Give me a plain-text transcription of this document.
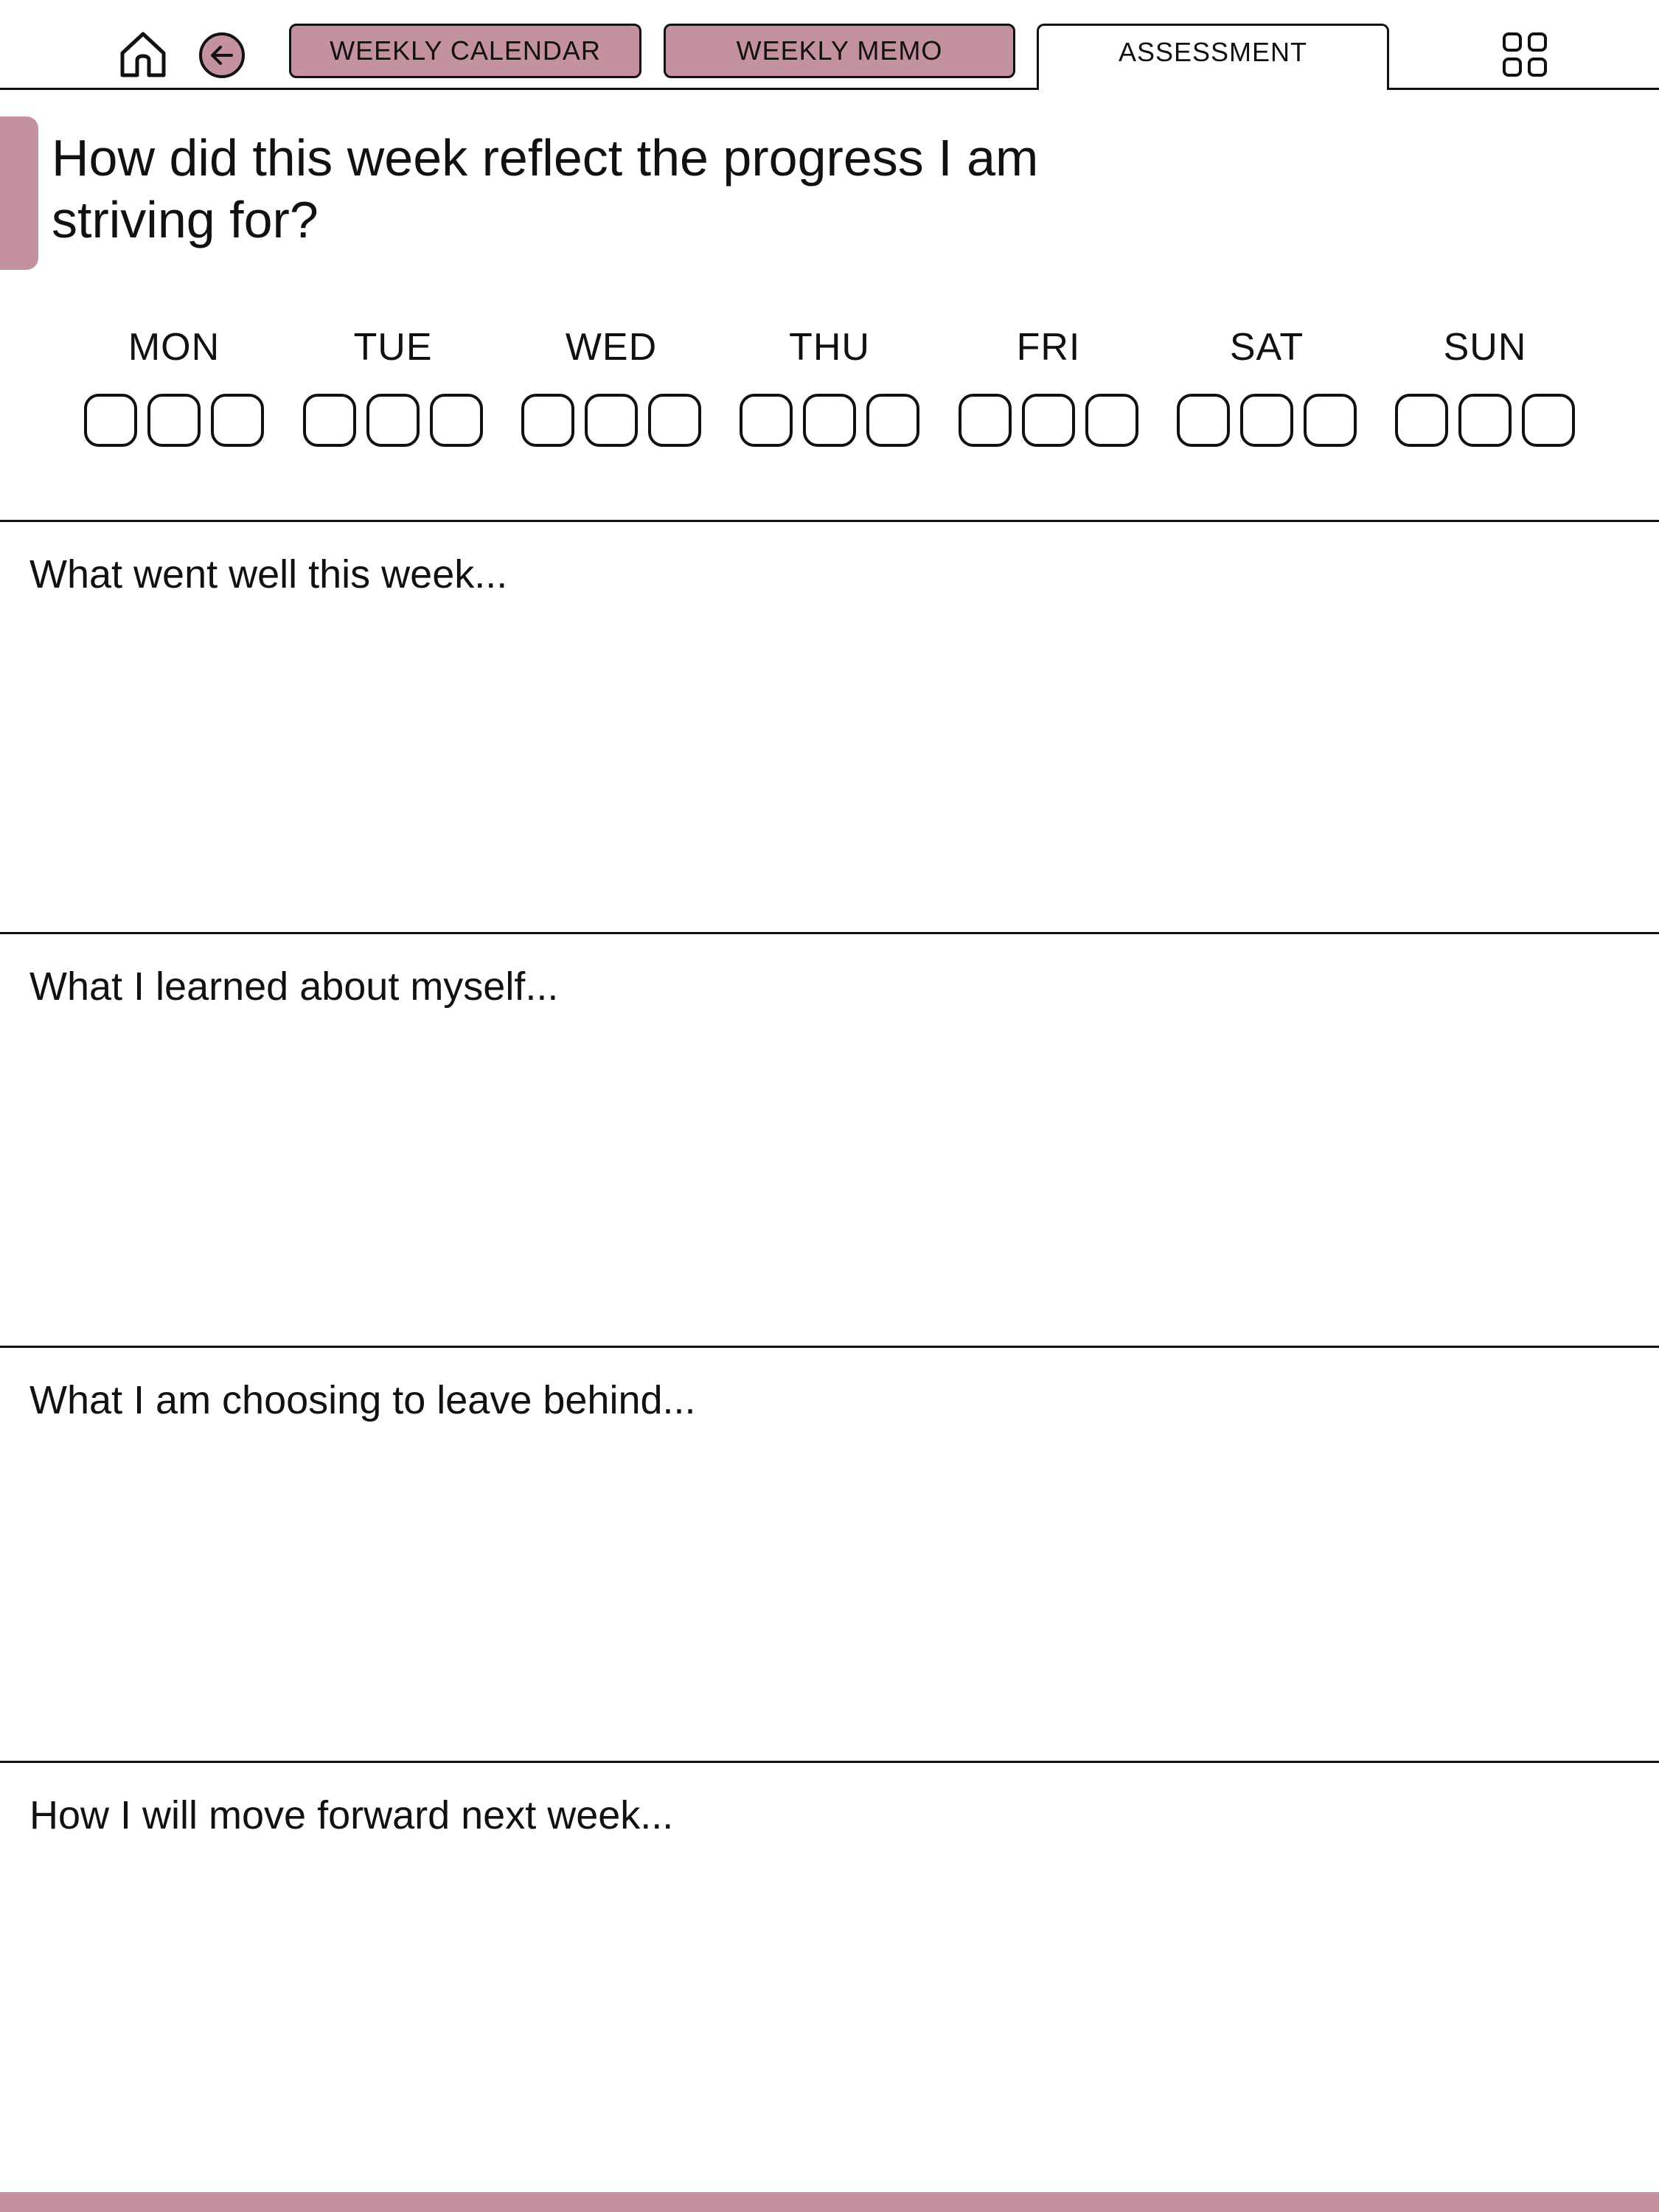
WEEKLY CALENDAR	WEEKLY MEMO	ASSESSMENT
How did this week reflect the progress I am striving for?
MON	TUE	WED	THU	FRI	SAT	SUN

What went well this week...

What I learned about myself...

What I am choosing to leave behind...

How I will move forward next week...
